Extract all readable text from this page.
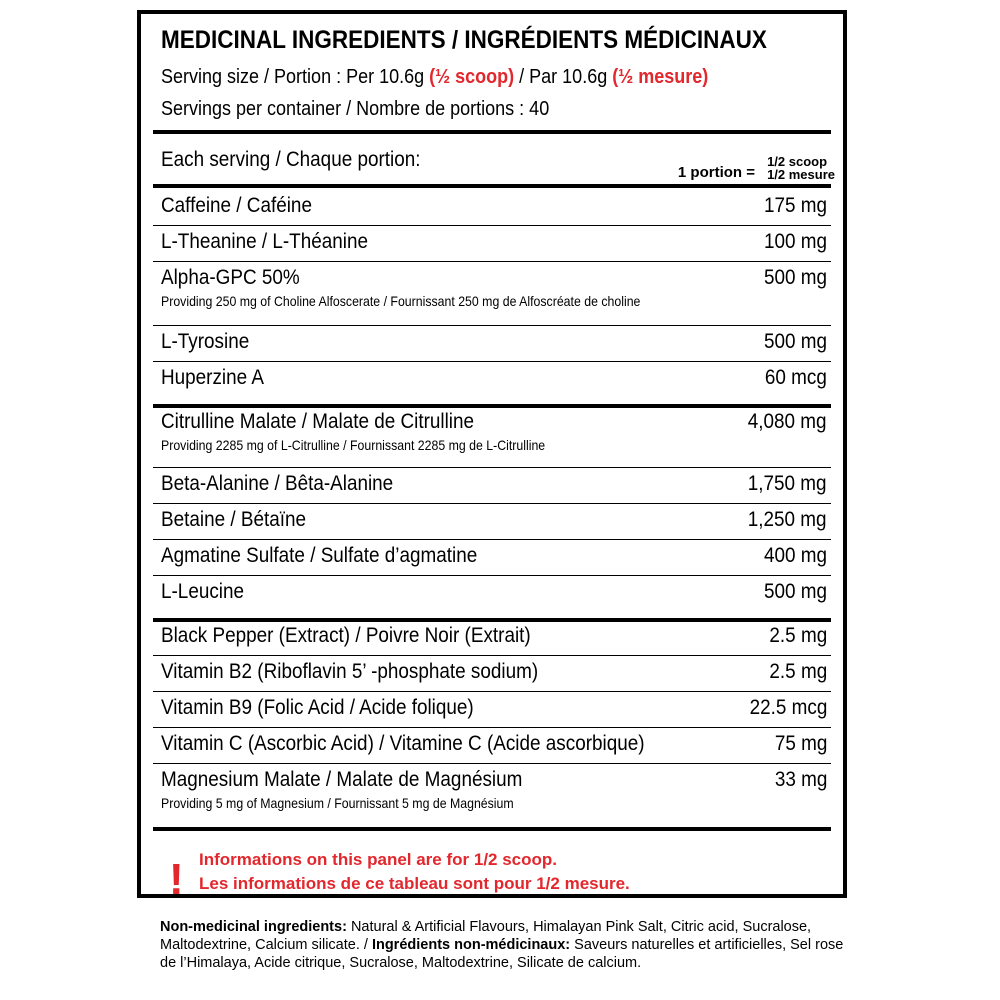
MEDICINAL INGREDIENTS / INGRÉDIENTS MÉDICINAUX
Serving size / Portion : Per 10.6g (½ scoop) / Par 10.6g (½ mesure)
Servings per container / Nombre de portions : 40
Each serving / Chaque portion:
1 portion =
1/2 scoop
1/2 mesure
! Informations on this panel are for 1/2 scoop.
Les informations de ce tableau sont pour 1/2 mesure.
Caffeine / Caféine	175 mg
L-Theanine / L-Théanine	100 mg
Alpha-GPC 50%	500 mg
Providing 250 mg of Choline Alfoscerate / Fournissant 250 mg de Alfoscréate de choline
L-Tyrosine	500 mg
Huperzine A	60 mcg
Citrulline Malate / Malate de Citrulline	4,080 mg
Providing 2285 mg of L-Citrulline / Fournissant 2285 mg de L-Citrulline
Beta-Alanine / Bêta-Alanine	1,750 mg
Betaine / Bétaïne	1,250 mg
Agmatine Sulfate / Sulfate d’agmatine	400 mg
L-Leucine	500 mg
Black Pepper (Extract) / Poivre Noir (Extrait)	2.5 mg
Vitamin B2 (Riboflavin 5’ -phosphate sodium)	2.5 mg
Vitamin B9 (Folic Acid / Acide folique)	22.5 mcg
Vitamin C (Ascorbic Acid) / Vitamine C (Acide ascorbique)	75 mg
Magnesium Malate / Malate de Magnésium	33 mg
Providing 5 mg of Magnesium / Fournissant 5 mg de Magnésium
Non-medicinal ingredients: Natural & Artificial Flavours, Himalayan Pink Salt, Citric acid, Sucralose, Maltodextrine, Calcium silicate. / Ingrédients non-médicinaux: Saveurs naturelles et artificielles, Sel rose de l’Himalaya, Acide citrique, Sucralose, Maltodextrine, Silicate de calcium.
